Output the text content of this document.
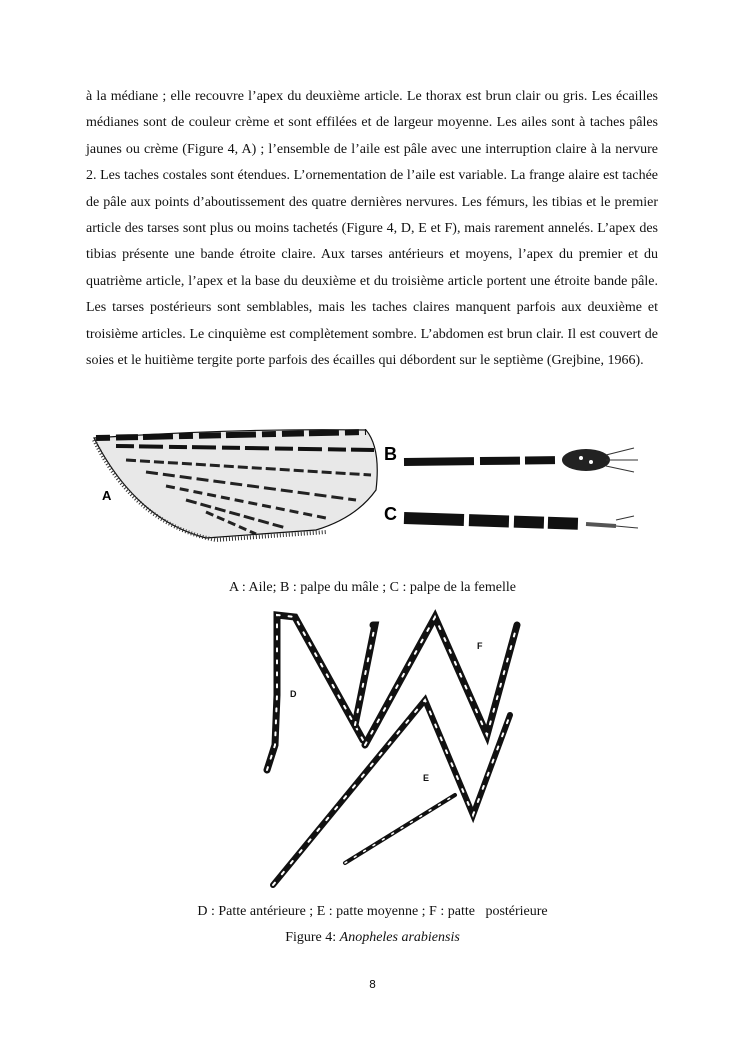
à la médiane ; elle recouvre l’apex du deuxième article. Le thorax est brun clair ou gris. Les écailles médianes sont de couleur crème et sont effilées et de largeur moyenne. Les ailes sont à taches pâles jaunes ou crème (Figure 4, A) ; l’ensemble de l’aile est pâle avec une interruption claire à la nervure 2. Les taches costales sont étendues. L’ornementation de l’aile est variable. La frange alaire est tachée de pâle aux points d’aboutissement des quatre dernières nervures. Les fémurs, les tibias et le premier article des tarses sont plus ou moins tachetés (Figure 4, D, E et F), mais rarement annelés. L’apex des tibias présente une bande étroite claire. Aux tarses antérieurs et moyens, l’apex du premier et du quatrième article, l’apex et la base du deuxième et du troisième article portent une étroite bande pâle. Les tarses postérieurs sont semblables, mais les taches claires manquent parfois aux deuxième et troisième articles. Le cinquième est complètement sombre. L’abdomen est brun clair. Il est couvert de soies et le huitième tergite porte parfois des écailles qui débordent sur le septième (Grejbine, 1966).
A
B
C
A : Aile; B : palpe du mâle ; C : palpe de la femelle
D
F
E
D : Patte antérieure ; E : patte moyenne ; F : patte   postérieure
Figure 4: Anopheles arabiensis
8
